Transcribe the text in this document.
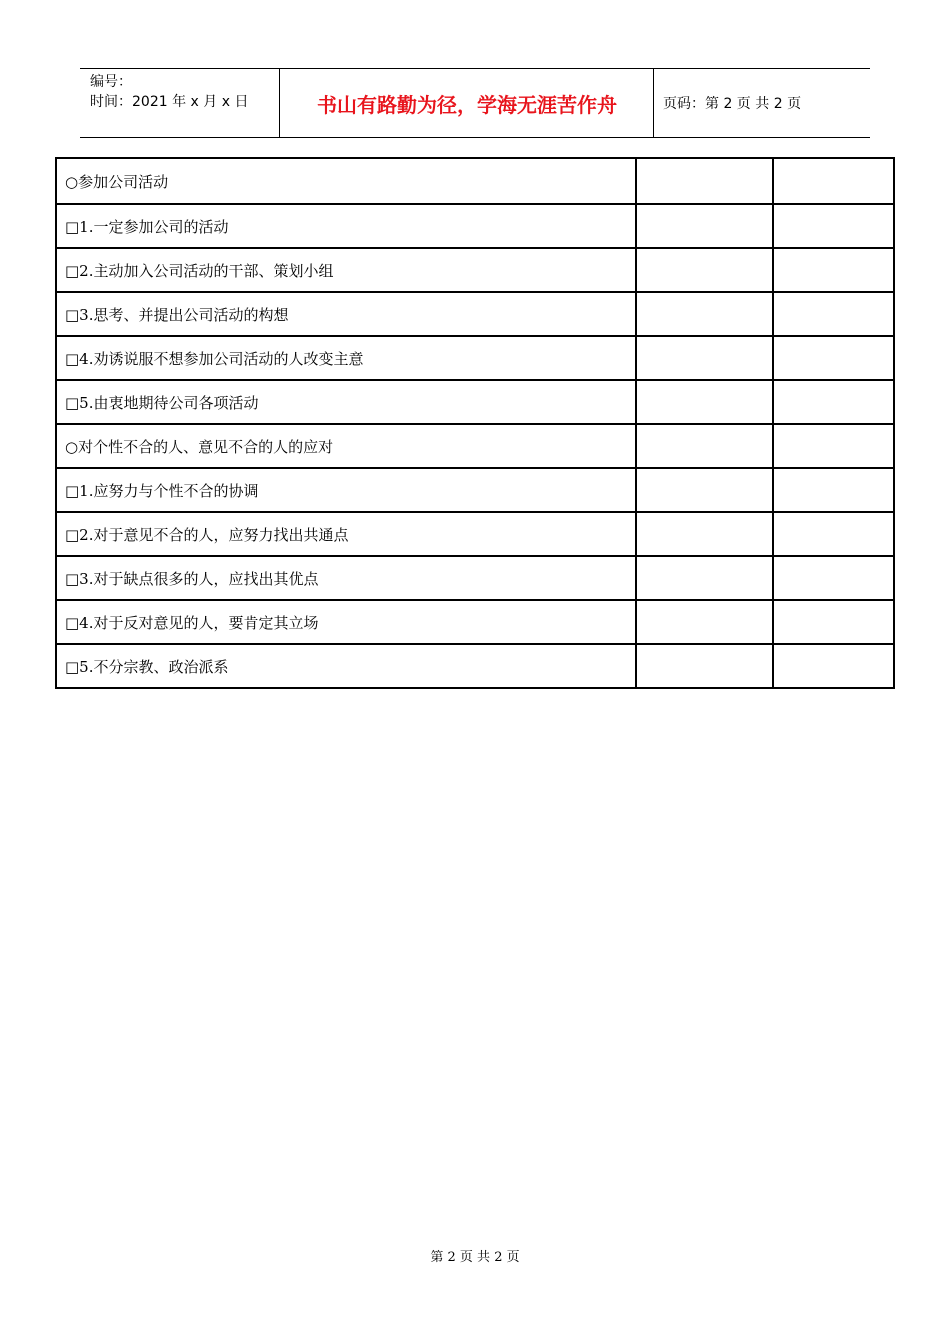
编号：
时间：2021 年 x 月 x 日	书山有路勤为径，学海无涯苦作舟	页码：第 2 页 共 2 页
○参加公司活动
□1.一定参加公司的活动
□2.主动加入公司活动的干部、策划小组
□3.思考、并提出公司活动的构想
□4.劝诱说服不想参加公司活动的人改变主意
□5.由衷地期待公司各项活动
○对个性不合的人、意见不合的人的应对
□1.应努力与个性不合的协调
□2.对于意见不合的人，应努力找出共通点
□3.对于缺点很多的人，应找出其优点
□4.对于反对意见的人，要肯定其立场
□5.不分宗教、政治派系
第 2 页 共 2 页
